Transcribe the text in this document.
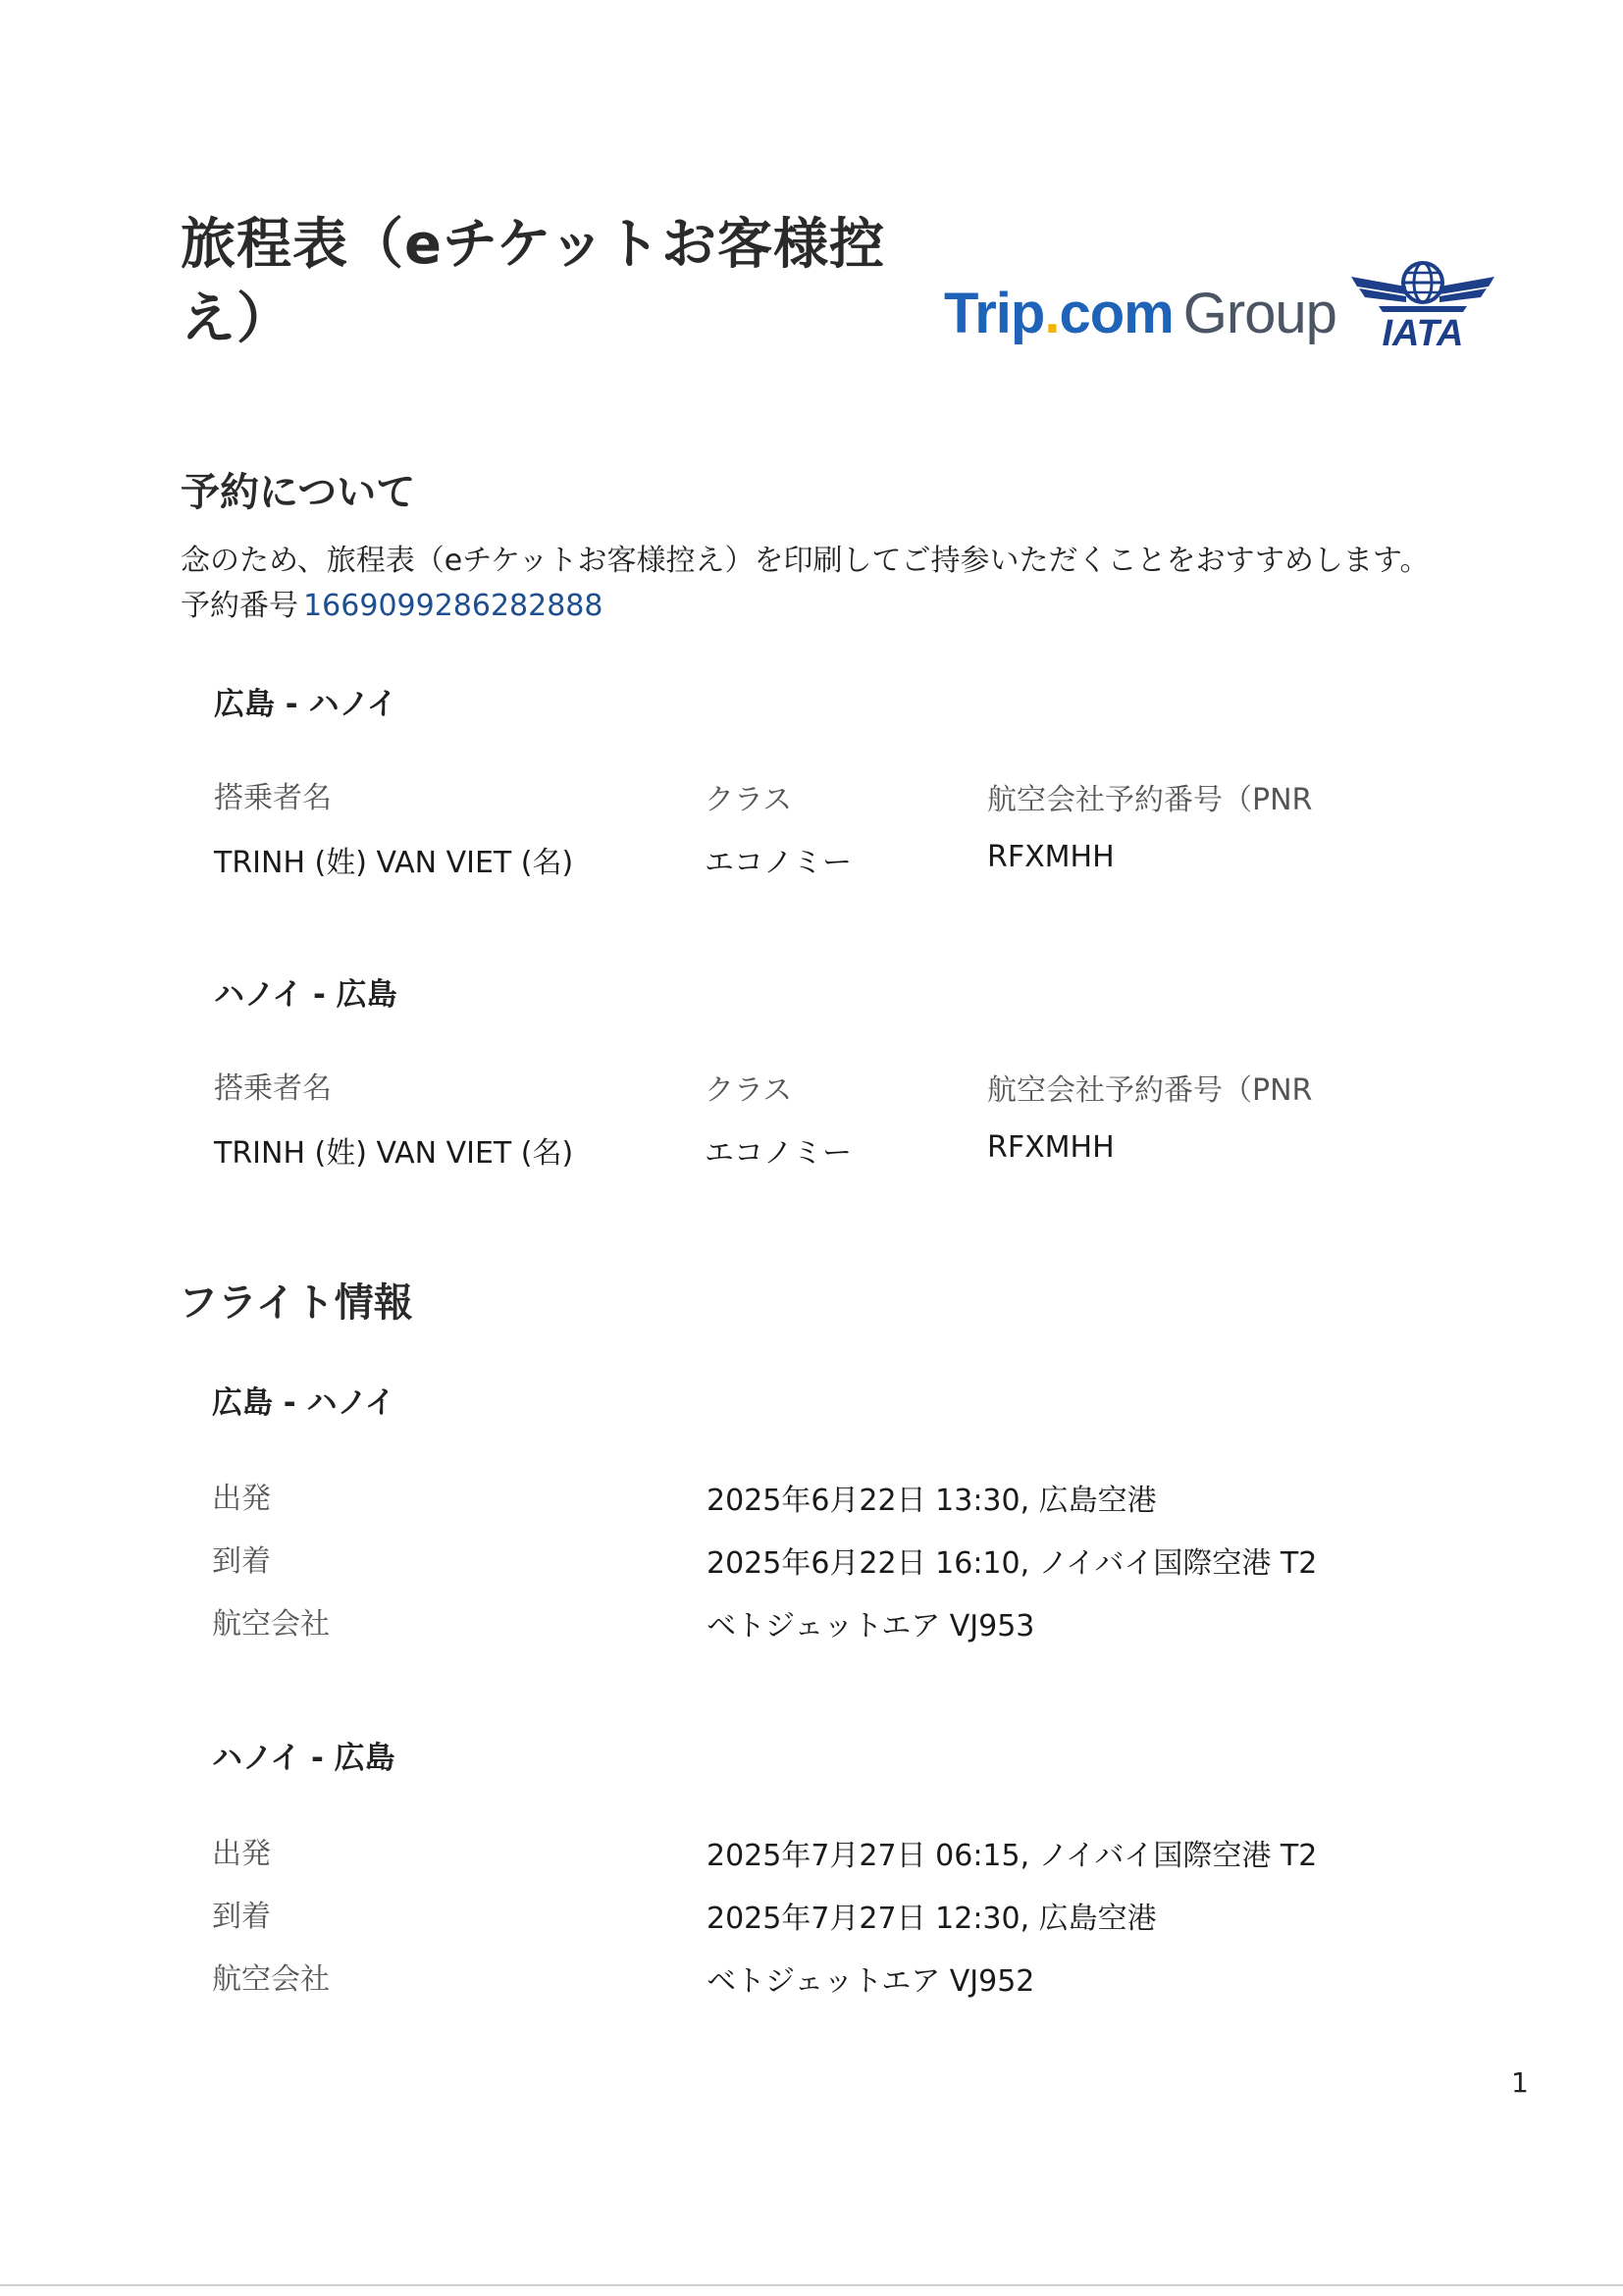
旅程表（eチケットお客様控
え）	Trip.com Group IATA
予約について
念のため、旅程表（eチケットお客様控え）を印刷してご持参いただくことをおすすめします。
予約番号 1669099286282888
広島 - ハノイ
搭乗者名	クラス	航空会社予約番号（PNR
TRINH (姓) VAN VIET (名)	エコノミー	RFXMHH
ハノイ - 広島
搭乗者名	クラス	航空会社予約番号（PNR
TRINH (姓) VAN VIET (名)	エコノミー	RFXMHH
フライト情報
広島 - ハノイ
出発	2025年6月22日 13:30, 広島空港
到着	2025年6月22日 16:10, ノイバイ国際空港 T2
航空会社	ベトジェットエア VJ953
ハノイ - 広島
出発	2025年7月27日 06:15, ノイバイ国際空港 T2
到着	2025年7月27日 12:30, 広島空港
航空会社	ベトジェットエア VJ952
1
